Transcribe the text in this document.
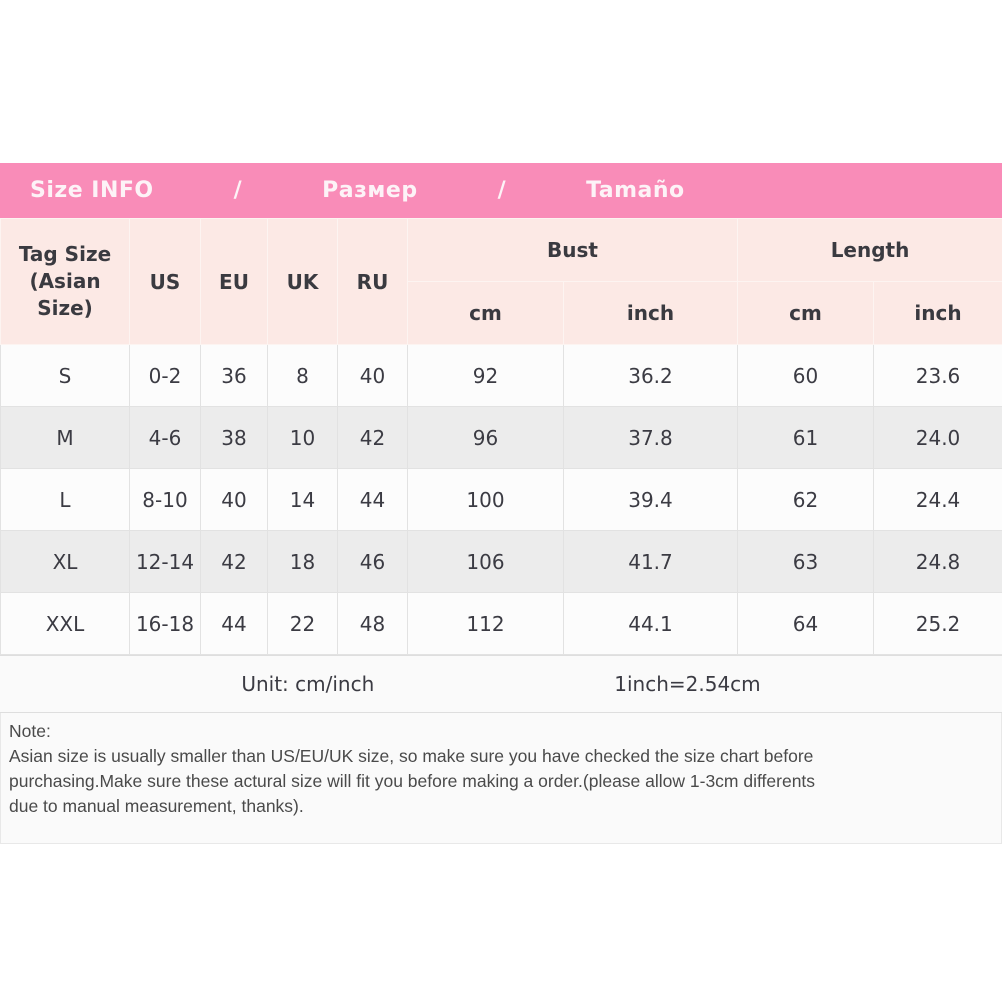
Size INFO	/	Размер	/	Tamaño
Tag Size
(Asian Size)	US	EU	UK	RU	Bust		Length	
					cm	inch	cm	inch
S	0-2	36	8	40	92	36.2	60	23.6
M	4-6	38	10	42	96	37.8	61	24.0
L	8-10	40	14	44	100	39.4	62	24.4
XL	12-14	42	18	46	106	41.7	63	24.8
XXL	16-18	44	22	48	112	44.1	64	25.2
Unit: cm/inch	1inch=2.54cm
Note:
Asian size is usually smaller than US/EU/UK size, so make sure you have checked the size chart before
purchasing.Make sure these actural size will fit you before making a order.(please allow 1-3cm differents
due to manual measurement, thanks).
